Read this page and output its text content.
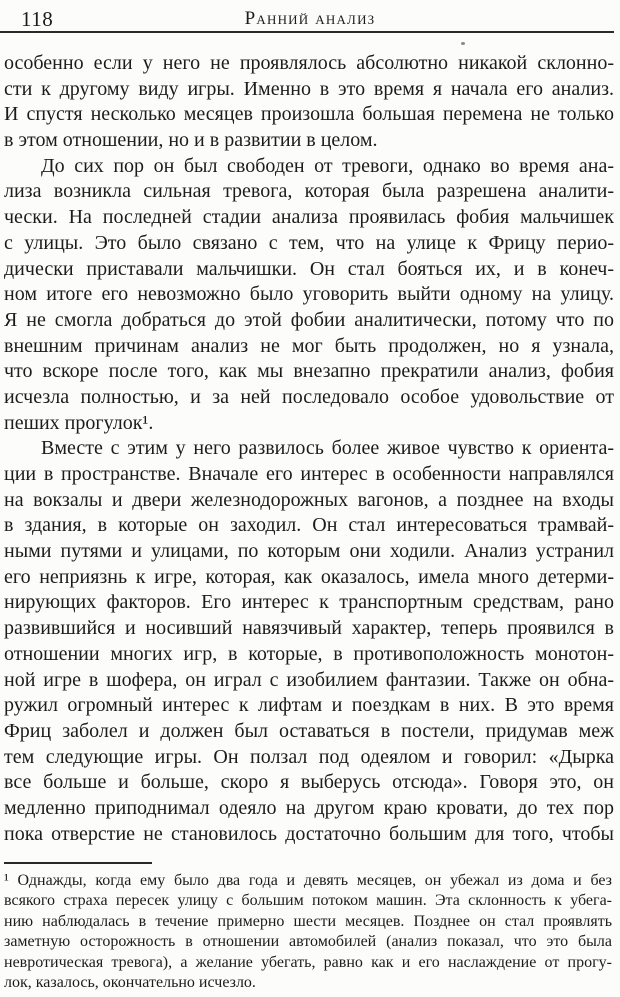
118	Ранний анализ
особенно если у него не проявлялось абсолютно никакой склонно-
сти к другому виду игры. Именно в это время я начала его анализ.
И спустя несколько месяцев произошла большая перемена не только
в этом отношении, но и в развитии в целом.
До сих пор он был свободен от тревоги, однако во время ана-
лиза возникла сильная тревога, которая была разрешена аналити-
чески. На последней стадии анализа проявилась фобия мальчишек
с улицы. Это было связано с тем, что на улице к Фрицу перио-
дически приставали мальчишки. Он стал бояться их, и в конеч-
ном итоге его невозможно было уговорить выйти одному на улицу.
Я не смогла добраться до этой фобии аналитически, потому что по
внешним причинам анализ не мог быть продолжен, но я узнала,
что вскоре после того, как мы внезапно прекратили анализ, фобия
исчезла полностью, и за ней последовало особое удовольствие от
пеших прогулок¹.
Вместе с этим у него развилось более живое чувство к ориента-
ции в пространстве. Вначале его интерес в особенности направлялся
на вокзалы и двери железнодорожных вагонов, а позднее на входы
в здания, в которые он заходил. Он стал интересоваться трамвай-
ными путями и улицами, по которым они ходили. Анализ устранил
его неприязнь к игре, которая, как оказалось, имела много детерми-
нирующих факторов. Его интерес к транспортным средствам, рано
развившийся и носивший навязчивый характер, теперь проявился в
отношении многих игр, в которые, в противоположность монотон-
ной игре в шофера, он играл с изобилием фантазии. Также он обна-
ружил огромный интерес к лифтам и поездкам в них. В это время
Фриц заболел и должен был оставаться в постели, придумав меж
тем следующие игры. Он ползал под одеялом и говорил: «Дырка
все больше и больше, скоро я выберусь отсюда». Говоря это, он
медленно приподнимал одеяло на другом краю кровати, до тех пор
пока отверстие не становилось достаточно большим для того, чтобы
¹ Однажды, когда ему было два года и девять месяцев, он убежал из дома и без
всякого страха пересек улицу с большим потоком машин. Эта склонность к убега-
нию наблюдалась в течение примерно шести месяцев. Позднее он стал проявлять
заметную осторожность в отношении автомобилей (анализ показал, что это была
невротическая тревога), а желание убегать, равно как и его наслаждение от прогу-
лок, казалось, окончательно исчезло.
